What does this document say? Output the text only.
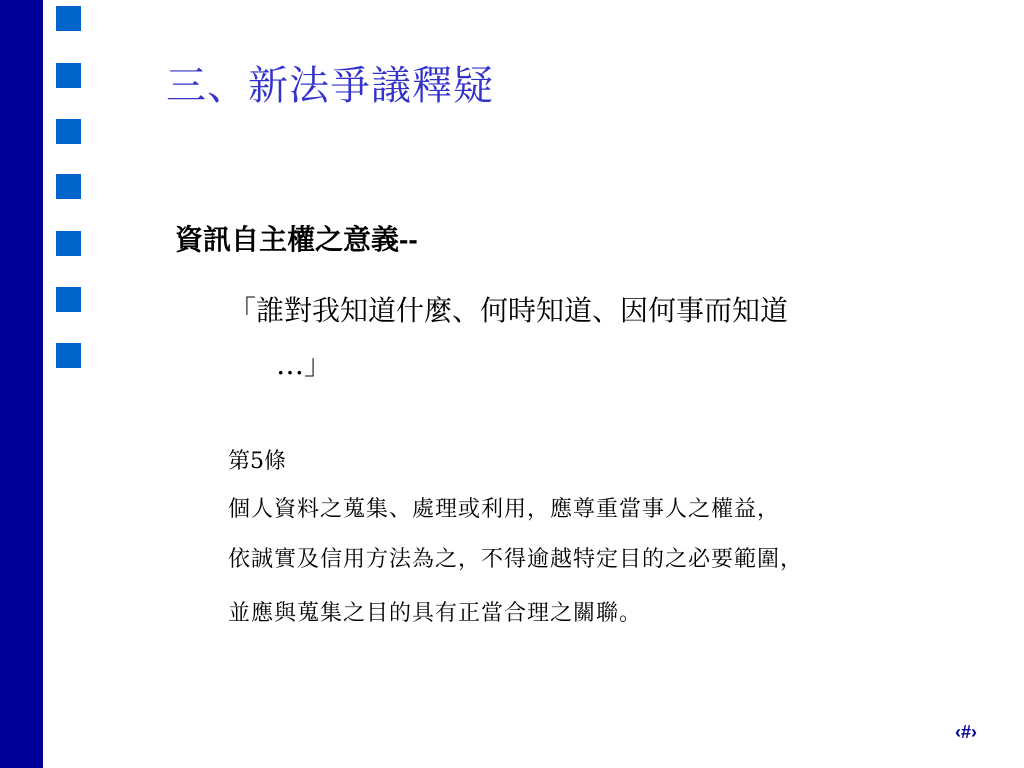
三、新法爭議釋疑
資訊自主權之意義--
「誰對我知道什麼、何時知道、因何事而知道
…」
第5條
個人資料之蒐集、處理或利用，應尊重當事人之權益，
依誠實及信用方法為之，不得逾越特定目的之必要範圍，
並應與蒐集之目的具有正當合理之關聯。
‹#›
